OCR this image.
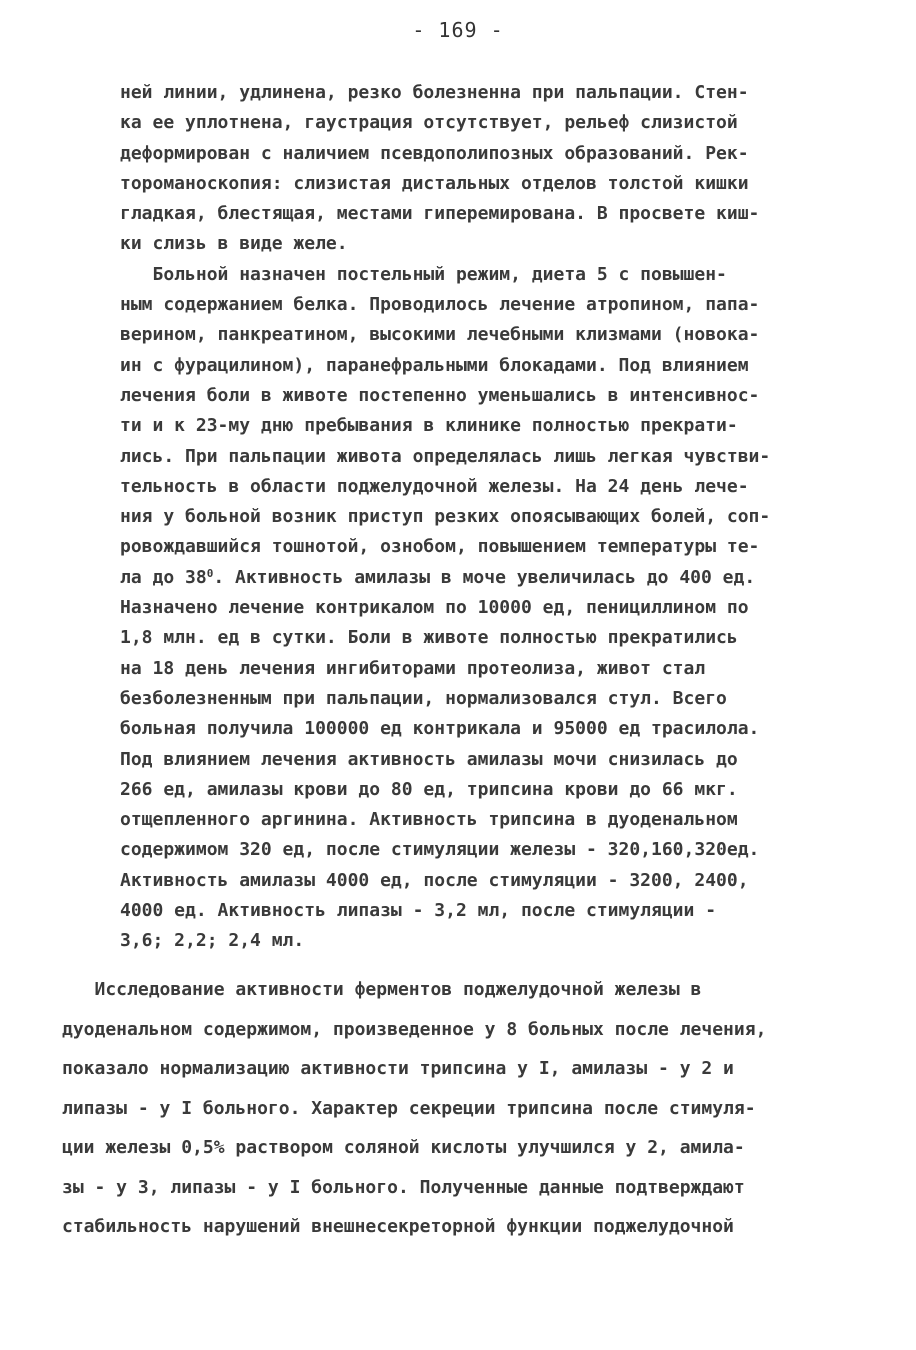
- 169 -
ней линии, удлинена, резко болезненна при пальпации. Стен-
ка ее уплотнена, гаустрация отсутствует, рельеф слизистой
деформирован с наличием псевдополипозных образований. Рек-
тороманоскопия: слизистая дистальных отделов толстой кишки
гладкая, блестящая, местами гиперемирована. В просвете киш-
ки слизь в виде желе.
Больной назначен постельный режим, диета 5 с повышен-
ным содержанием белка. Проводилось лечение атропином, папа-
верином, панкреатином, высокими лечебными клизмами (новока-
ин с фурацилином), паранефральными блокадами. Под влиянием
лечения боли в животе постепенно уменьшались в интенсивнос-
ти и к 23-му дню пребывания в клинике полностью прекрати-
лись. При пальпации живота определялась лишь легкая чувстви-
тельность в области поджелудочной железы. На 24 день лече-
ния у больной возник приступ резких опоясывающих болей, соп-
ровождавшийся тошнотой, ознобом, повышением температуры те-
ла до $38^0$. Активность амилазы в моче увеличилась до 400 ед.
Назначено лечение контрикалом по 10000 ед, пенициллином по
1,8 млн. ед в сутки. Боли в животе полностью прекратились
на 18 день лечения ингибиторами протеолиза, живот стал
безболезненным при пальпации, нормализовался стул. Всего
больная получила 100000 ед контрикала и 95000 ед трасилола.
Под влиянием лечения активность амилазы мочи снизилась до
266 ед, амилазы крови до 80 ед, трипсина крови до 66 мкг.
отщепленного аргинина. Активность трипсина в дуоденальном
содержимом 320 ед, после стимуляции железы - 320,160,320ед.
Активность амилазы 4000 ед, после стимуляции - 3200, 2400,
4000 ед. Активность липазы - 3,2 мл, после стимуляции -
3,6; 2,2; 2,4 мл.
Исследование активности ферментов поджелудочной железы в
дуоденальном содержимом, произведенное у 8 больных после лечения,
показало нормализацию активности трипсина у I, амилазы - у 2 и
липазы - у I больного. Характер секреции трипсина после стимуля-
ции железы 0,5% раствором соляной кислоты улучшился у 2, амила-
зы - у 3, липазы - у I больного. Полученные данные подтверждают
стабильность нарушений внешнесекреторной функции поджелудочной
